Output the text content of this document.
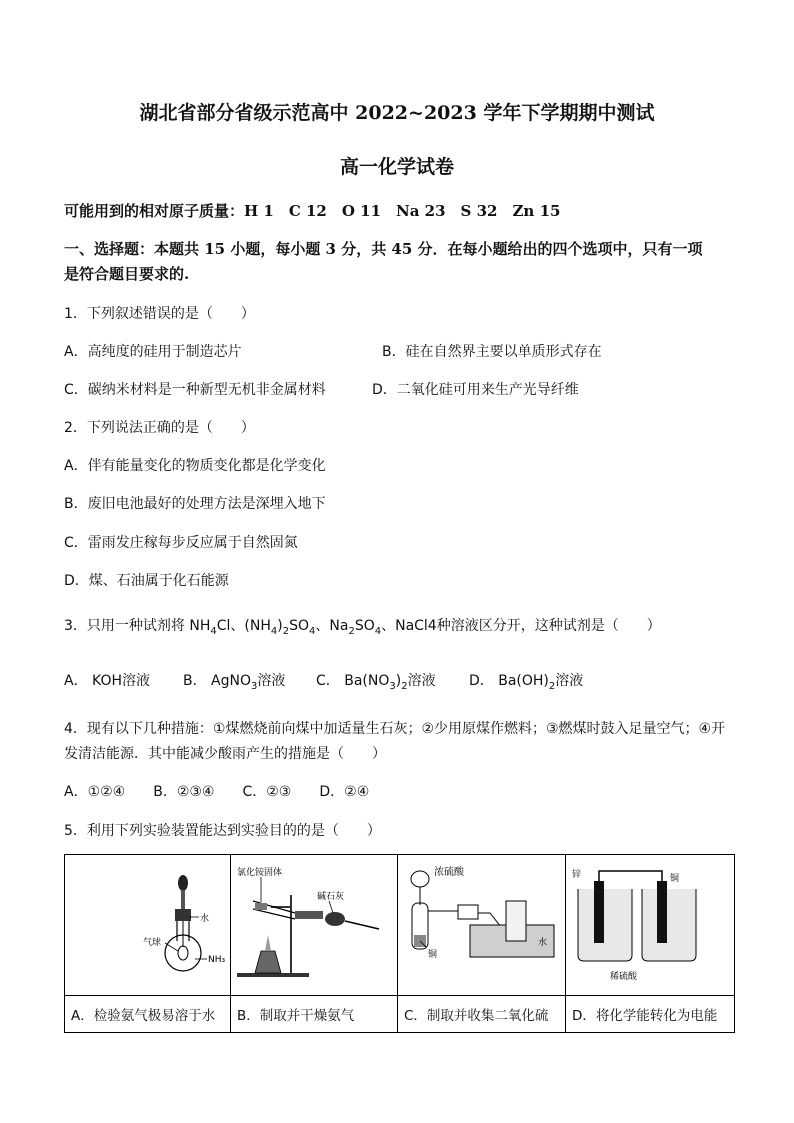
湖北省部分省级示范高中 2022~2023 学年下学期期中测试
高一化学试卷
可能用到的相对原子质量：H 1　C 12　O 11　Na 23　S 32　Zn 15
一、选择题：本题共 15 小题，每小题 3 分，共 45 分．在每小题给出的四个选项中，只有一项
是符合题目要求的.
1．下列叙述错误的是（　　）
A．高纯度的硅用于制造芯片	B．硅在自然界主要以单质形式存在
C．碳纳米材料是一种新型无机非金属材料	D．二氧化硅可用来生产光导纤维
2．下列说法正确的是（　　）
A．伴有能量变化的物质变化都是化学变化
B．废旧电池最好的处理方法是深埋入地下
C．雷雨发庄稼每步反应属于自然固氮
D．煤、石油属于化石能源
3．只用一种试剂将 $NH_4Cl$、$(NH_4)_2SO_4$、$Na_2SO_4$、NaCl4种溶液区分开，这种试剂是（　　）
A． KOH溶液 B． AgNO$_3$溶液 C． $Ba(NO_3)_2$溶液 D． $Ba(OH)_2$溶液
4．现有以下几种措施：①煤燃烧前向煤中加适量生石灰；②少用原煤作燃料；③燃煤时鼓入足量空气；④开
发清洁能源．其中能减少酸雨产生的措施是（　　）
A．①②④　　B．②③④　　C．②③　　D．②④
5．利用下列实验装置能达到实验目的的是（　　）
水
气球
NH₃	氯化铵固体
碱石灰	浓硫酸
铜
水	锌 铜
稀硫酸

A．检验氨气极易溶于水	B．制取并干燥氨气	C．制取并收集二氧化硫	D．将化学能转化为电能
